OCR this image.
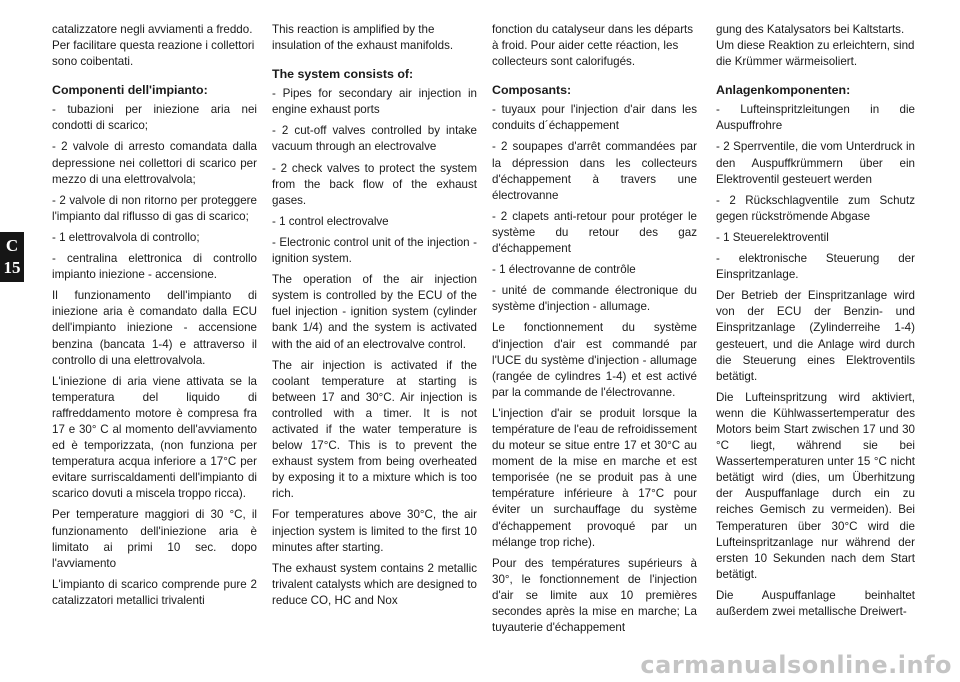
C
15

catalizzatore negli avviamenti a freddo. Per facilitare questa reazione i collettori sono coibentati.

Componenti dell'impianto:

- tubazioni per iniezione aria nei condotti di scarico;

- 2 valvole di arresto comandata dalla depressione nei collettori di scarico per mezzo di una elettrovalvola;

- 2 valvole di non ritorno per proteggere l'impianto dal riflusso di gas di scarico;

- 1 elettrovalvola di controllo;

- centralina elettronica di controllo impianto iniezione - accensione.

Il funzionamento dell'impianto di iniezione aria è comandato dalla ECU dell'impianto iniezione - accensione benzina (bancata 1-4) e attraverso il controllo di una elettrovalvola.

L'iniezione di aria viene attivata se la temperatura del liquido di raffreddamento motore è compresa fra 17 e 30° C al momento dell'avviamento ed è temporizzata, (non funziona per temperatura acqua inferiore a 17°C per evitare surriscaldamenti dell'impianto di scarico dovuti a miscela troppo ricca).

Per temperature maggiori di 30 °C, il funzionamento dell'iniezione aria è limitato ai primi 10 sec. dopo l'avviamento

L'impianto di scarico comprende pure 2 catalizzatori metallici trivalenti

This reaction is amplified by the insulation of the exhaust manifolds.

The system consists of:

- Pipes for secondary air injection in engine exhaust ports

- 2 cut-off valves controlled by intake vacuum through an electrovalve

- 2 check valves to protect the system from the back flow of the exhaust gases.

- 1 control electrovalve

- Electronic control unit of the injection - ignition system.

The operation of the air injection system is controlled by the ECU of the fuel injection - ignition system (cylinder bank 1/4) and the system is activated with the aid of an electrovalve control.

The air injection is activated if the coolant temperature at starting is between 17 and 30°C. Air injection is controlled with a timer. It is not activated if the water temperature is below 17°C. This is to prevent the exhaust system from being overheated by exposing it to a mixture which is too rich.

For temperatures above 30°C, the air injection system is limited to the first 10 minutes after starting.

The exhaust system contains 2 metallic trivalent catalysts which are designed to reduce CO, HC and Nox

fonction du catalyseur dans les départs à froid. Pour aider cette réaction, les collecteurs sont calorifugés.

Composants:

- tuyaux pour l'injection d'air dans les conduits d´échappement

- 2 soupapes d'arrêt commandées par la dépression dans les collecteurs d'échappement à travers une électrovanne

- 2 clapets anti-retour pour protéger le système du retour des gaz d'échappement

- 1 électrovanne de contrôle

- unité de commande électronique du système d'injection - allumage.

Le fonctionnement du système d'injection d'air est commandé par l'UCE du système d'injection - allumage (rangée de cylindres 1-4) et est activé par la commande de l'électrovanne.

L'injection d'air se produit lorsque la température de l'eau de refroidissement du moteur se situe entre 17 et 30°C au moment de la mise en marche et est temporisée (ne se produit pas à une température inférieure à 17°C pour éviter un surchauffage du système d'échappement provoqué par un mélange trop riche).

Pour des températures supérieurs à 30°, le fonctionnement de l'injection d'air se limite aux 10 premières secondes après la mise en marche; La tuyauterie d'échappement

gung des Katalysators bei Kaltstarts. Um diese Reaktion zu erleichtern, sind die Krümmer wärmeisoliert.

Anlagenkomponenten:

- Lufteinspritzleitungen in die Auspuffrohre

- 2 Sperrventile, die vom Unterdruck in den Auspuffkrümmern über ein Elektroventil gesteuert werden

- 2 Rückschlagventile zum Schutz gegen rückströmende Abgase

- 1 Steuerelektroventil

- elektronische Steuerung der Einspritzanlage.

Der Betrieb der Einspritzanlage wird von der ECU der Benzin- und Einspritzanlage (Zylinderreihe 1-4) gesteuert, und die Anlage wird durch die Steuerung eines Elektroventils betätigt.

Die Lufteinspritzung wird aktiviert, wenn die Kühlwassertemperatur des Motors beim Start zwischen 17 und 30 °C liegt, während sie bei Wassertemperaturen unter 15 °C nicht betätigt wird (dies, um Überhitzung der Auspuffanlage durch ein zu reiches Gemisch zu vermeiden). Bei Temperaturen über 30°C wird die Lufteinspritzanlage nur während der ersten 10 Sekunden nach dem Start betätigt.

Die Auspuffanlage beinhaltet außerdem zwei metallische Dreiwert-

carmanualsonline.info
